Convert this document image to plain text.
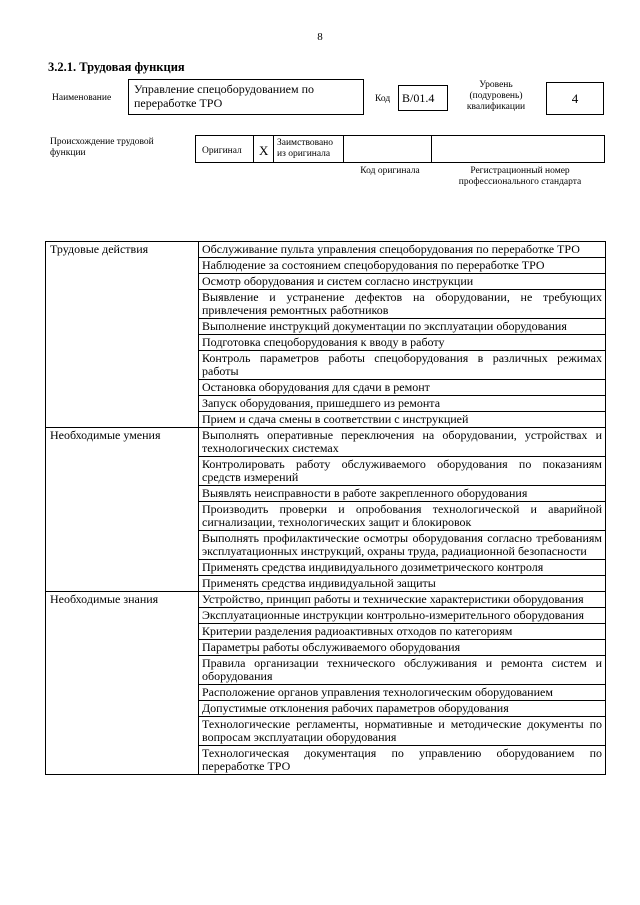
8
3.2.1. Трудовая функция
Наименование
Управление спецоборудованием по переработке ТРО	Код B/01.4
Уровень (подуровень) квалификации
4
Происхождение трудовой функции	Оригинал	X Заимствовано из оригинала
Код оригинала	Регистрационный номер профессионального стандарта
Трудовые действия	Обслуживание пульта управления спецоборудования по переработке ТРО
	Наблюдение за состоянием спецоборудования по переработке ТРО
	Осмотр оборудования и систем согласно инструкции
	Выявление и устранение дефектов на оборудовании, не требующих привлечения ремонтных работников
	Выполнение инструкций документации по эксплуатации оборудования
	Подготовка спецоборудования к вводу в работу
	Контроль параметров работы спецоборудования в различных режимах работы
	Остановка оборудования для сдачи в ремонт
	Запуск оборудования, пришедшего из ремонта
	Прием и сдача смены в соответствии с инструкцией
Необходимые умения	Выполнять оперативные переключения на оборудовании, устройствах и технологических системах
	Контролировать работу обслуживаемого оборудования по показаниям средств измерений
	Выявлять неисправности в работе закрепленного оборудования
	Производить проверки и опробования технологической и аварийной сигнализации, технологических защит и блокировок
	Выполнять профилактические осмотры оборудования согласно требованиям эксплуатационных инструкций, охраны труда, радиационной безопасности
	Применять средства индивидуального дозиметрического контроля
	Применять средства индивидуальной защиты
Необходимые знания	Устройство, принцип работы и технические характеристики оборудования
	Эксплуатационные инструкции контрольно-измерительного оборудования
	Критерии разделения радиоактивных отходов по категориям
	Параметры работы обслуживаемого оборудования
	Правила организации технического обслуживания и ремонта систем и оборудования
	Расположение органов управления технологическим оборудованием
	Допустимые отклонения рабочих параметров оборудования
	Технологические регламенты, нормативные и методические документы по вопросам эксплуатации оборудования
	Технологическая документация по управлению оборудованием по переработке ТРО
